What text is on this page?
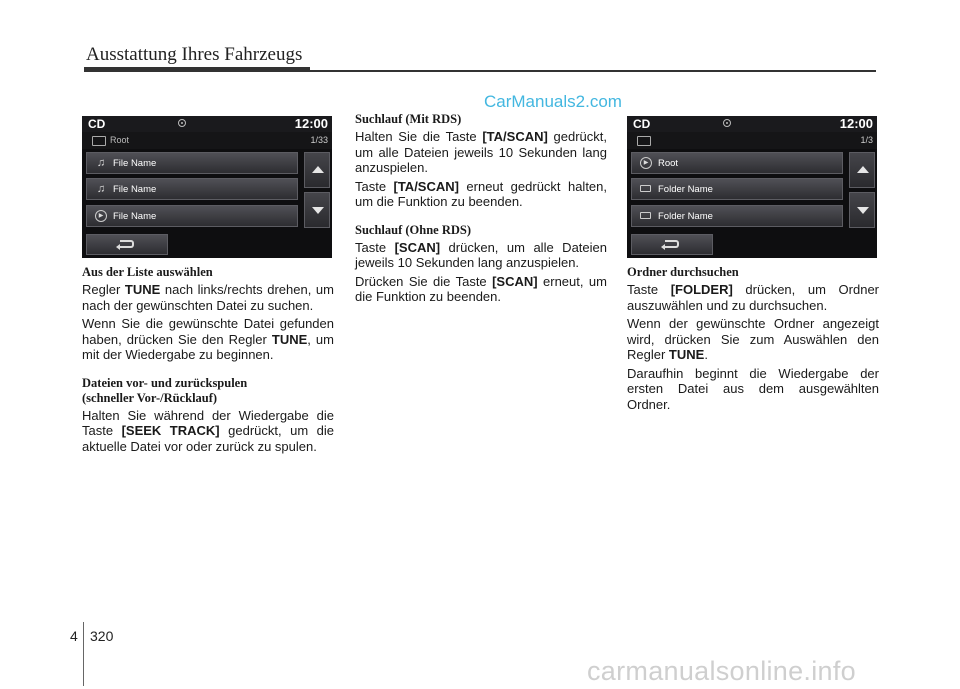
Ausstattung Ihres Fahrzeugs
CarManuals2.com
CD	12:00
Root	1/33
♫ File Name
♫ File Name
▶	File Name
CD	12:00
1/3
▶	Root
Folder Name
Folder Name
Aus der Liste auswählen

Regler TUNE nach links/rechts drehen, um nach der gewünschten Datei zu suchen.

Wenn Sie die gewünschte Datei gefunden haben, drücken Sie den Regler TUNE, um mit der Wiedergabe zu beginnen.

Dateien vor- und zurückspulen
(schneller Vor-/Rücklauf)

Halten Sie während der Wiedergabe die Taste [SEEK TRACK] gedrückt, um die aktuelle Datei vor oder zurück zu spulen.

Suchlauf (Mit RDS)

Halten Sie die Taste [TA/SCAN] gedrückt, um alle Dateien jeweils 10 Sekunden lang anzuspielen.

Taste [TA/SCAN] erneut gedrückt halten, um die Funktion zu beenden.

Suchlauf (Ohne RDS)

Taste [SCAN] drücken, um alle Dateien jeweils 10 Sekunden lang anzuspielen.

Drücken Sie die Taste [SCAN] erneut, um die Funktion zu beenden.

Ordner durchsuchen

Taste [FOLDER] drücken, um Ordner auszuwählen und zu durchsuchen.

Wenn der gewünschte Ordner angezeigt wird, drücken Sie zum Auswählen den Regler TUNE.

Daraufhin beginnt die Wiedergabe der ersten Datei aus dem ausgewählten Ordner.

4 320
carmanualsonline.info
